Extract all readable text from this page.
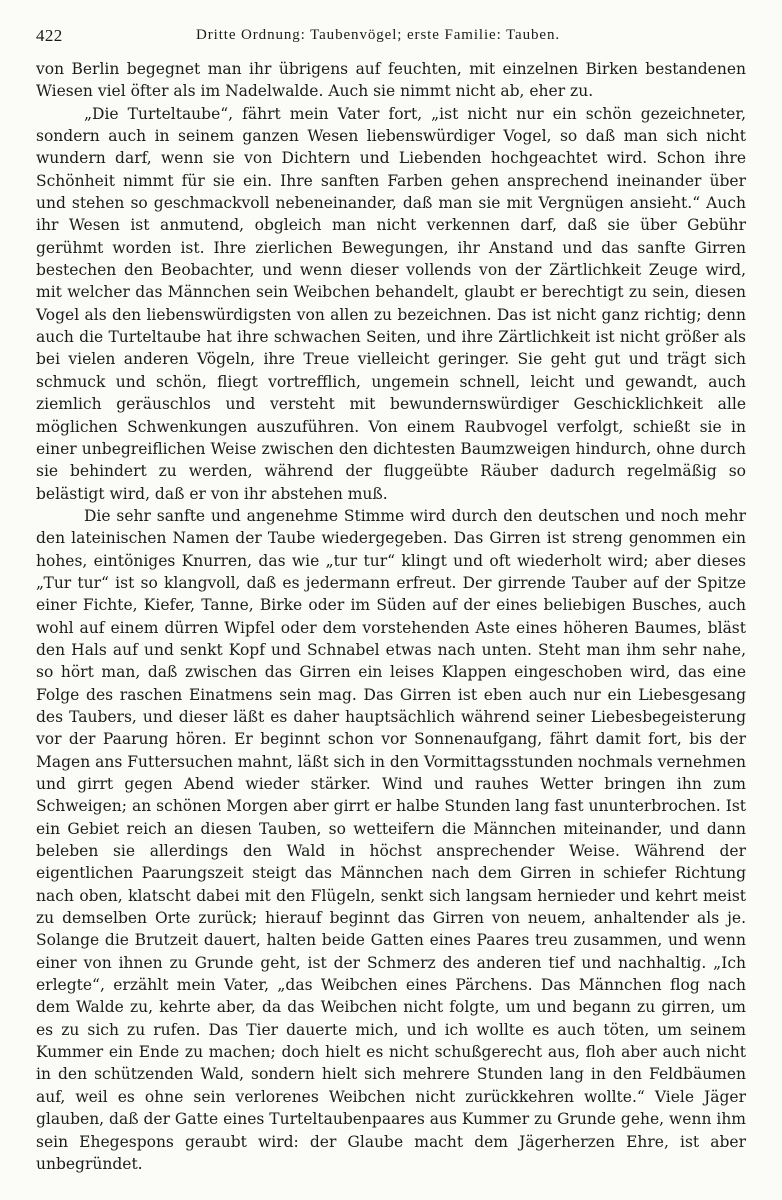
422	Dritte Ordnung: Taubenvögel; erste Familie: Tauben.

von Berlin begegnet man ihr übrigens auf feuchten, mit einzelnen Birken bestandenen Wiesen viel öfter als im Nadelwalde. Auch sie nimmt nicht ab, eher zu.

„Die Turteltaube“, fährt mein Vater fort, „ist nicht nur ein schön gezeichneter, sondern auch in seinem ganzen Wesen liebenswürdiger Vogel, so daß man sich nicht wundern darf, wenn sie von Dichtern und Liebenden hochgeachtet wird. Schon ihre Schönheit nimmt für sie ein. Ihre sanften Farben gehen ansprechend ineinander über und stehen so geschmackvoll nebeneinander, daß man sie mit Vergnügen ansieht.“ Auch ihr Wesen ist anmutend, obgleich man nicht verkennen darf, daß sie über Gebühr gerühmt worden ist. Ihre zierlichen Bewegungen, ihr Anstand und das sanfte Girren bestechen den Beobachter, und wenn dieser vollends von der Zärtlichkeit Zeuge wird, mit welcher das Männchen sein Weibchen behandelt, glaubt er berechtigt zu sein, diesen Vogel als den liebenswürdigsten von allen zu bezeichnen. Das ist nicht ganz richtig; denn auch die Turteltaube hat ihre schwachen Seiten, und ihre Zärtlichkeit ist nicht größer als bei vielen anderen Vögeln, ihre Treue vielleicht geringer. Sie geht gut und trägt sich schmuck und schön, fliegt vortrefflich, ungemein schnell, leicht und gewandt, auch ziemlich geräuschlos und versteht mit bewundernswürdiger Geschicklichkeit alle möglichen Schwenkungen auszuführen. Von einem Raubvogel verfolgt, schießt sie in einer unbegreiflichen Weise zwischen den dichtesten Baumzweigen hindurch, ohne durch sie behindert zu werden, während der fluggeübte Räuber dadurch regelmäßig so belästigt wird, daß er von ihr abstehen muß.

Die sehr sanfte und angenehme Stimme wird durch den deutschen und noch mehr den lateinischen Namen der Taube wiedergegeben. Das Girren ist streng genommen ein hohes, eintöniges Knurren, das wie „tur tur“ klingt und oft wiederholt wird; aber dieses „Tur tur“ ist so klangvoll, daß es jedermann erfreut. Der girrende Tauber auf der Spitze einer Fichte, Kiefer, Tanne, Birke oder im Süden auf der eines beliebigen Busches, auch wohl auf einem dürren Wipfel oder dem vorstehenden Aste eines höheren Baumes, bläst den Hals auf und senkt Kopf und Schnabel etwas nach unten. Steht man ihm sehr nahe, so hört man, daß zwischen das Girren ein leises Klappen eingeschoben wird, das eine Folge des raschen Einatmens sein mag. Das Girren ist eben auch nur ein Liebesgesang des Taubers, und dieser läßt es daher hauptsächlich während seiner Liebesbegeisterung vor der Paarung hören. Er beginnt schon vor Sonnenaufgang, fährt damit fort, bis der Magen ans Futtersuchen mahnt, läßt sich in den Vormittagsstunden nochmals vernehmen und girrt gegen Abend wieder stärker. Wind und rauhes Wetter bringen ihn zum Schweigen; an schönen Morgen aber girrt er halbe Stunden lang fast ununterbrochen. Ist ein Gebiet reich an diesen Tauben, so wetteifern die Männchen miteinander, und dann beleben sie allerdings den Wald in höchst ansprechender Weise. Während der eigentlichen Paarungszeit steigt das Männchen nach dem Girren in schiefer Richtung nach oben, klatscht dabei mit den Flügeln, senkt sich langsam hernieder und kehrt meist zu demselben Orte zurück; hierauf beginnt das Girren von neuem, anhaltender als je. Solange die Brutzeit dauert, halten beide Gatten eines Paares treu zusammen, und wenn einer von ihnen zu Grunde geht, ist der Schmerz des anderen tief und nachhaltig. „Ich erlegte“, erzählt mein Vater, „das Weibchen eines Pärchens. Das Männchen flog nach dem Walde zu, kehrte aber, da das Weibchen nicht folgte, um und begann zu girren, um es zu sich zu rufen. Das Tier dauerte mich, und ich wollte es auch töten, um seinem Kummer ein Ende zu machen; doch hielt es nicht schußgerecht aus, floh aber auch nicht in den schützenden Wald, sondern hielt sich mehrere Stunden lang in den Feldbäumen auf, weil es ohne sein verlorenes Weibchen nicht zurückkehren wollte.“ Viele Jäger glauben, daß der Gatte eines Turteltaubenpaares aus Kummer zu Grunde gehe, wenn ihm sein Ehegespons geraubt wird: der Glaube macht dem Jägerherzen Ehre, ist aber unbegründet.
